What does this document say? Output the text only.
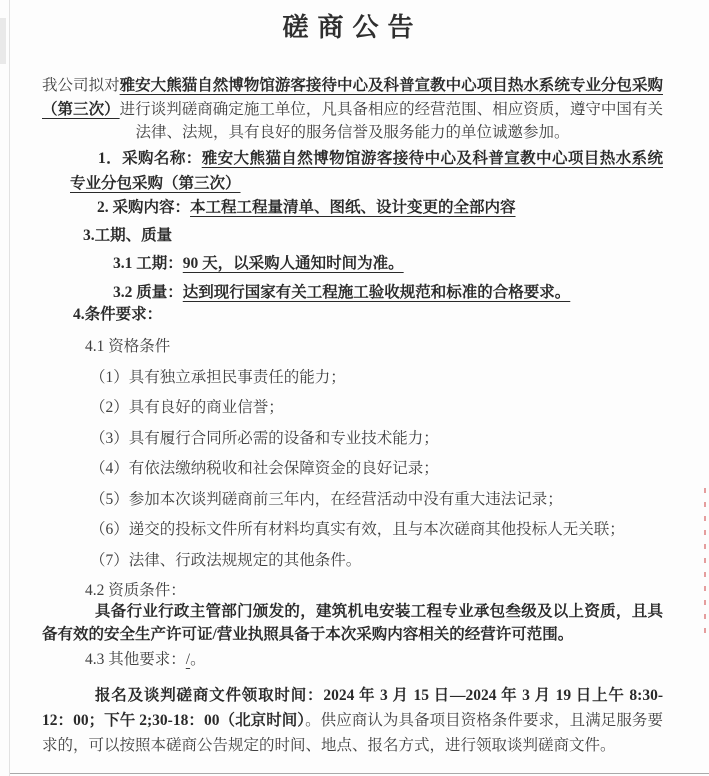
磋商公告

我公司拟对雅安大熊猫自然博物馆游客接待中心及科普宣教中心项目热水系统专业分包采购（第三次）进行谈判磋商确定施工单位，凡具备相应的经营范围、相应资质，遵守中国有关法律、法规，具有良好的服务信誉及服务能力的单位诚邀参加。

1．采购名称：雅安大熊猫自然博物馆游客接待中心及科普宣教中心项目热水系统专业分包采购（第三次）

2. 采购内容：本工程工程量清单、图纸、设计变更的全部内容

3.工期、质量

3.1 工期：90 天，以采购人通知时间为准。

3.2 质量：达到现行国家有关工程施工验收规范和标准的合格要求。

4.条件要求：

4.1 资格条件

（1）具有独立承担民事责任的能力；

（2）具有良好的商业信誉；

（3）具有履行合同所必需的设备和专业技术能力；

（4）有依法缴纳税收和社会保障资金的良好记录；

（5）参加本次谈判磋商前三年内，在经营活动中没有重大违法记录；

（6）递交的投标文件所有材料均真实有效，且与本次磋商其他投标人无关联；

（7）法律、行政法规规定的其他条件。

4.2 资质条件：

具备行业行政主管部门颁发的，建筑机电安装工程专业承包叁级及以上资质，且具备有效的安全生产许可证/营业执照具备于本次采购内容相关的经营许可范围。

4.3 其他要求：/。

报名及谈判磋商文件领取时间：2024 年 3 月 15 日—2024 年 3 月 19 日上午 8:30-12：00；下午 2;30-18：00（北京时间）。供应商认为具备项目资格条件要求，且满足服务要求的，可以按照本磋商公告规定的时间、地点、报名方式，进行领取谈判磋商文件。
